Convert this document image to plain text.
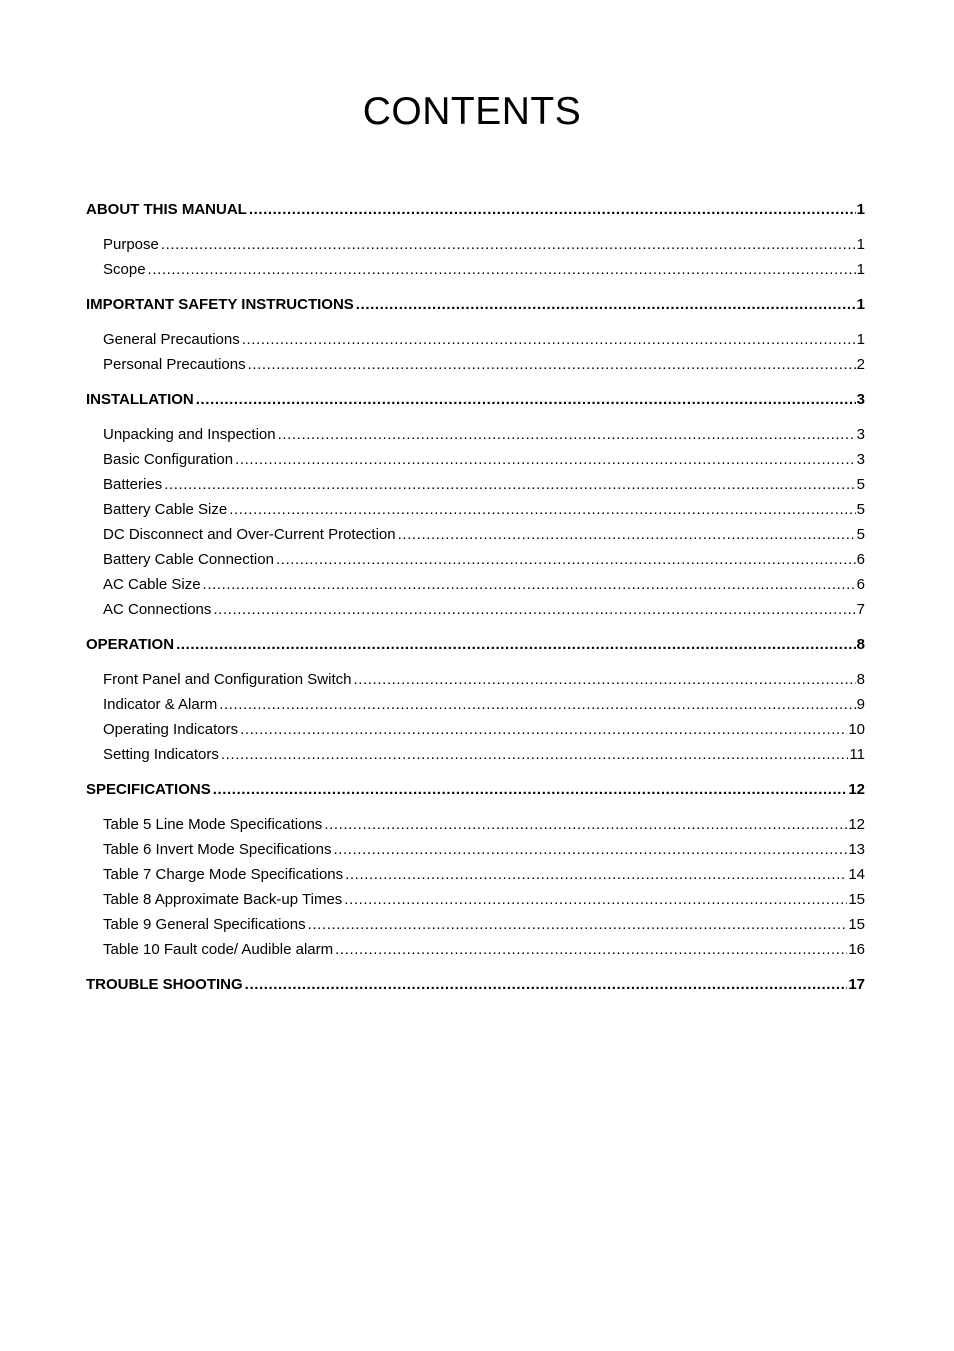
CONTENTS
ABOUT THIS MANUAL .....	1
Purpose .....	1
Scope .....	1
IMPORTANT SAFETY INSTRUCTIONS .....	1
General Precautions .....	1
Personal Precautions .....	2
INSTALLATION .....	3
Unpacking and Inspection .....	3
Basic Configuration .....	3
Batteries .....	5
Battery Cable Size .....	5
DC Disconnect and Over-Current Protection .....	5
Battery Cable Connection .....	6
AC Cable Size .....	6
AC Connections .....	7
OPERATION .....	8
Front Panel and Configuration Switch .....	8
Indicator & Alarm .....	9
Operating Indicators .....	10
Setting Indicators .....	11
SPECIFICATIONS .....	12
Table 5 Line Mode Specifications .....	12
Table 6 Invert Mode Specifications .....	13
Table 7 Charge Mode Specifications .....	14
Table 8 Approximate Back-up Times .....	15
Table 9 General Specifications .....	15
Table 10 Fault code/ Audible alarm .....	16
TROUBLE SHOOTING .....	17
